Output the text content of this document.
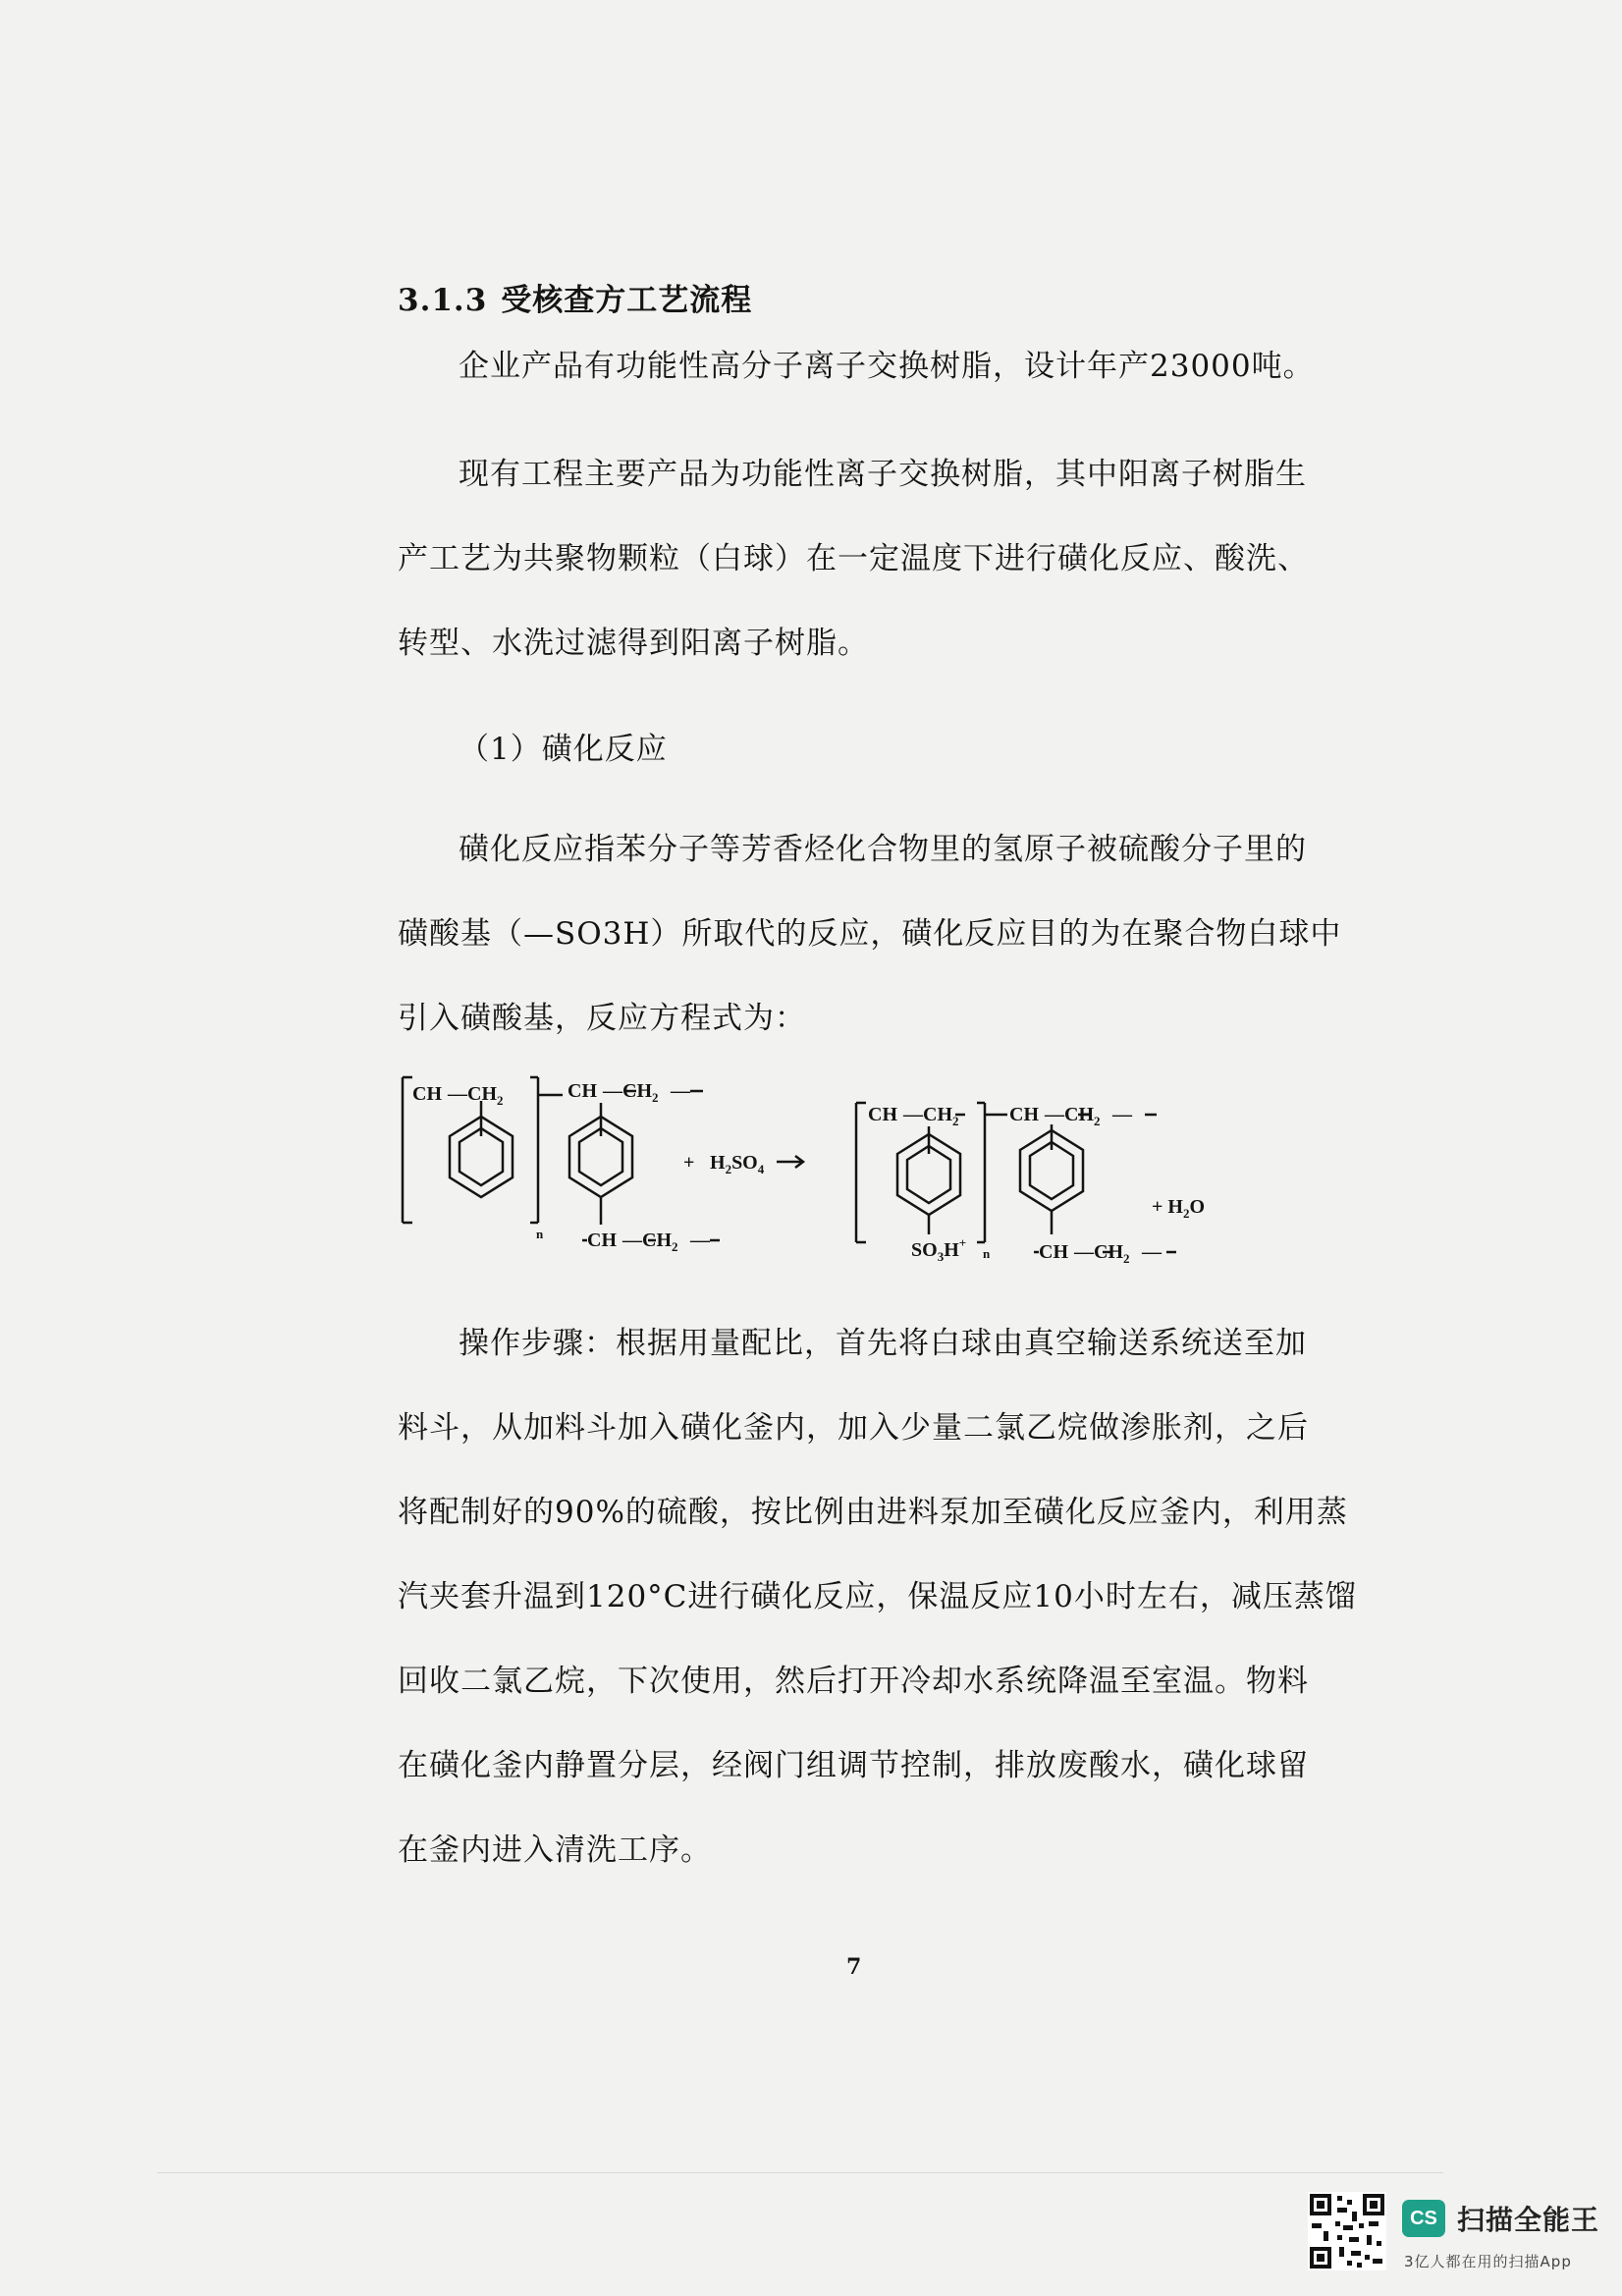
3.1.3 受核查方工艺流程

企业产品有功能性高分子离子交换树脂，设计年产23000吨。

现有工程主要产品为功能性离子交换树脂，其中阳离子树脂生
产工艺为共聚物颗粒（白球）在一定温度下进行磺化反应、酸洗、
转型、水洗过滤得到阳离子树脂。

（1）磺化反应

磺化反应指苯分子等芳香烃化合物里的氢原子被硫酸分子里的
磺酸基（—SO3H）所取代的反应，磺化反应目的为在聚合物白球中
引入磺酸基，反应方程式为：

CH $—CH_2$
n
CH $—CH_2$ —
CH $—CH_2$ —
+ $H_2SO_4$
CH $—CH_2$
$SO_3H^+$
n
CH $—CH_2$ —
CH $—CH_2$ —
+ $H_2O$

操作步骤：根据用量配比，首先将白球由真空输送系统送至加
料斗，从加料斗加入磺化釜内，加入少量二氯乙烷做渗胀剂，之后
将配制好的90%的硫酸，按比例由进料泵加至磺化反应釜内，利用蒸
汽夹套升温到120°C进行磺化反应，保温反应10小时左右，减压蒸馏
回收二氯乙烷，下次使用，然后打开冷却水系统降温至室温。物料
在磺化釜内静置分层，经阀门组调节控制，排放废酸水，磺化球留
在釜内进入清洗工序。

7
CS 扫描全能王
3亿人都在用的扫描App
